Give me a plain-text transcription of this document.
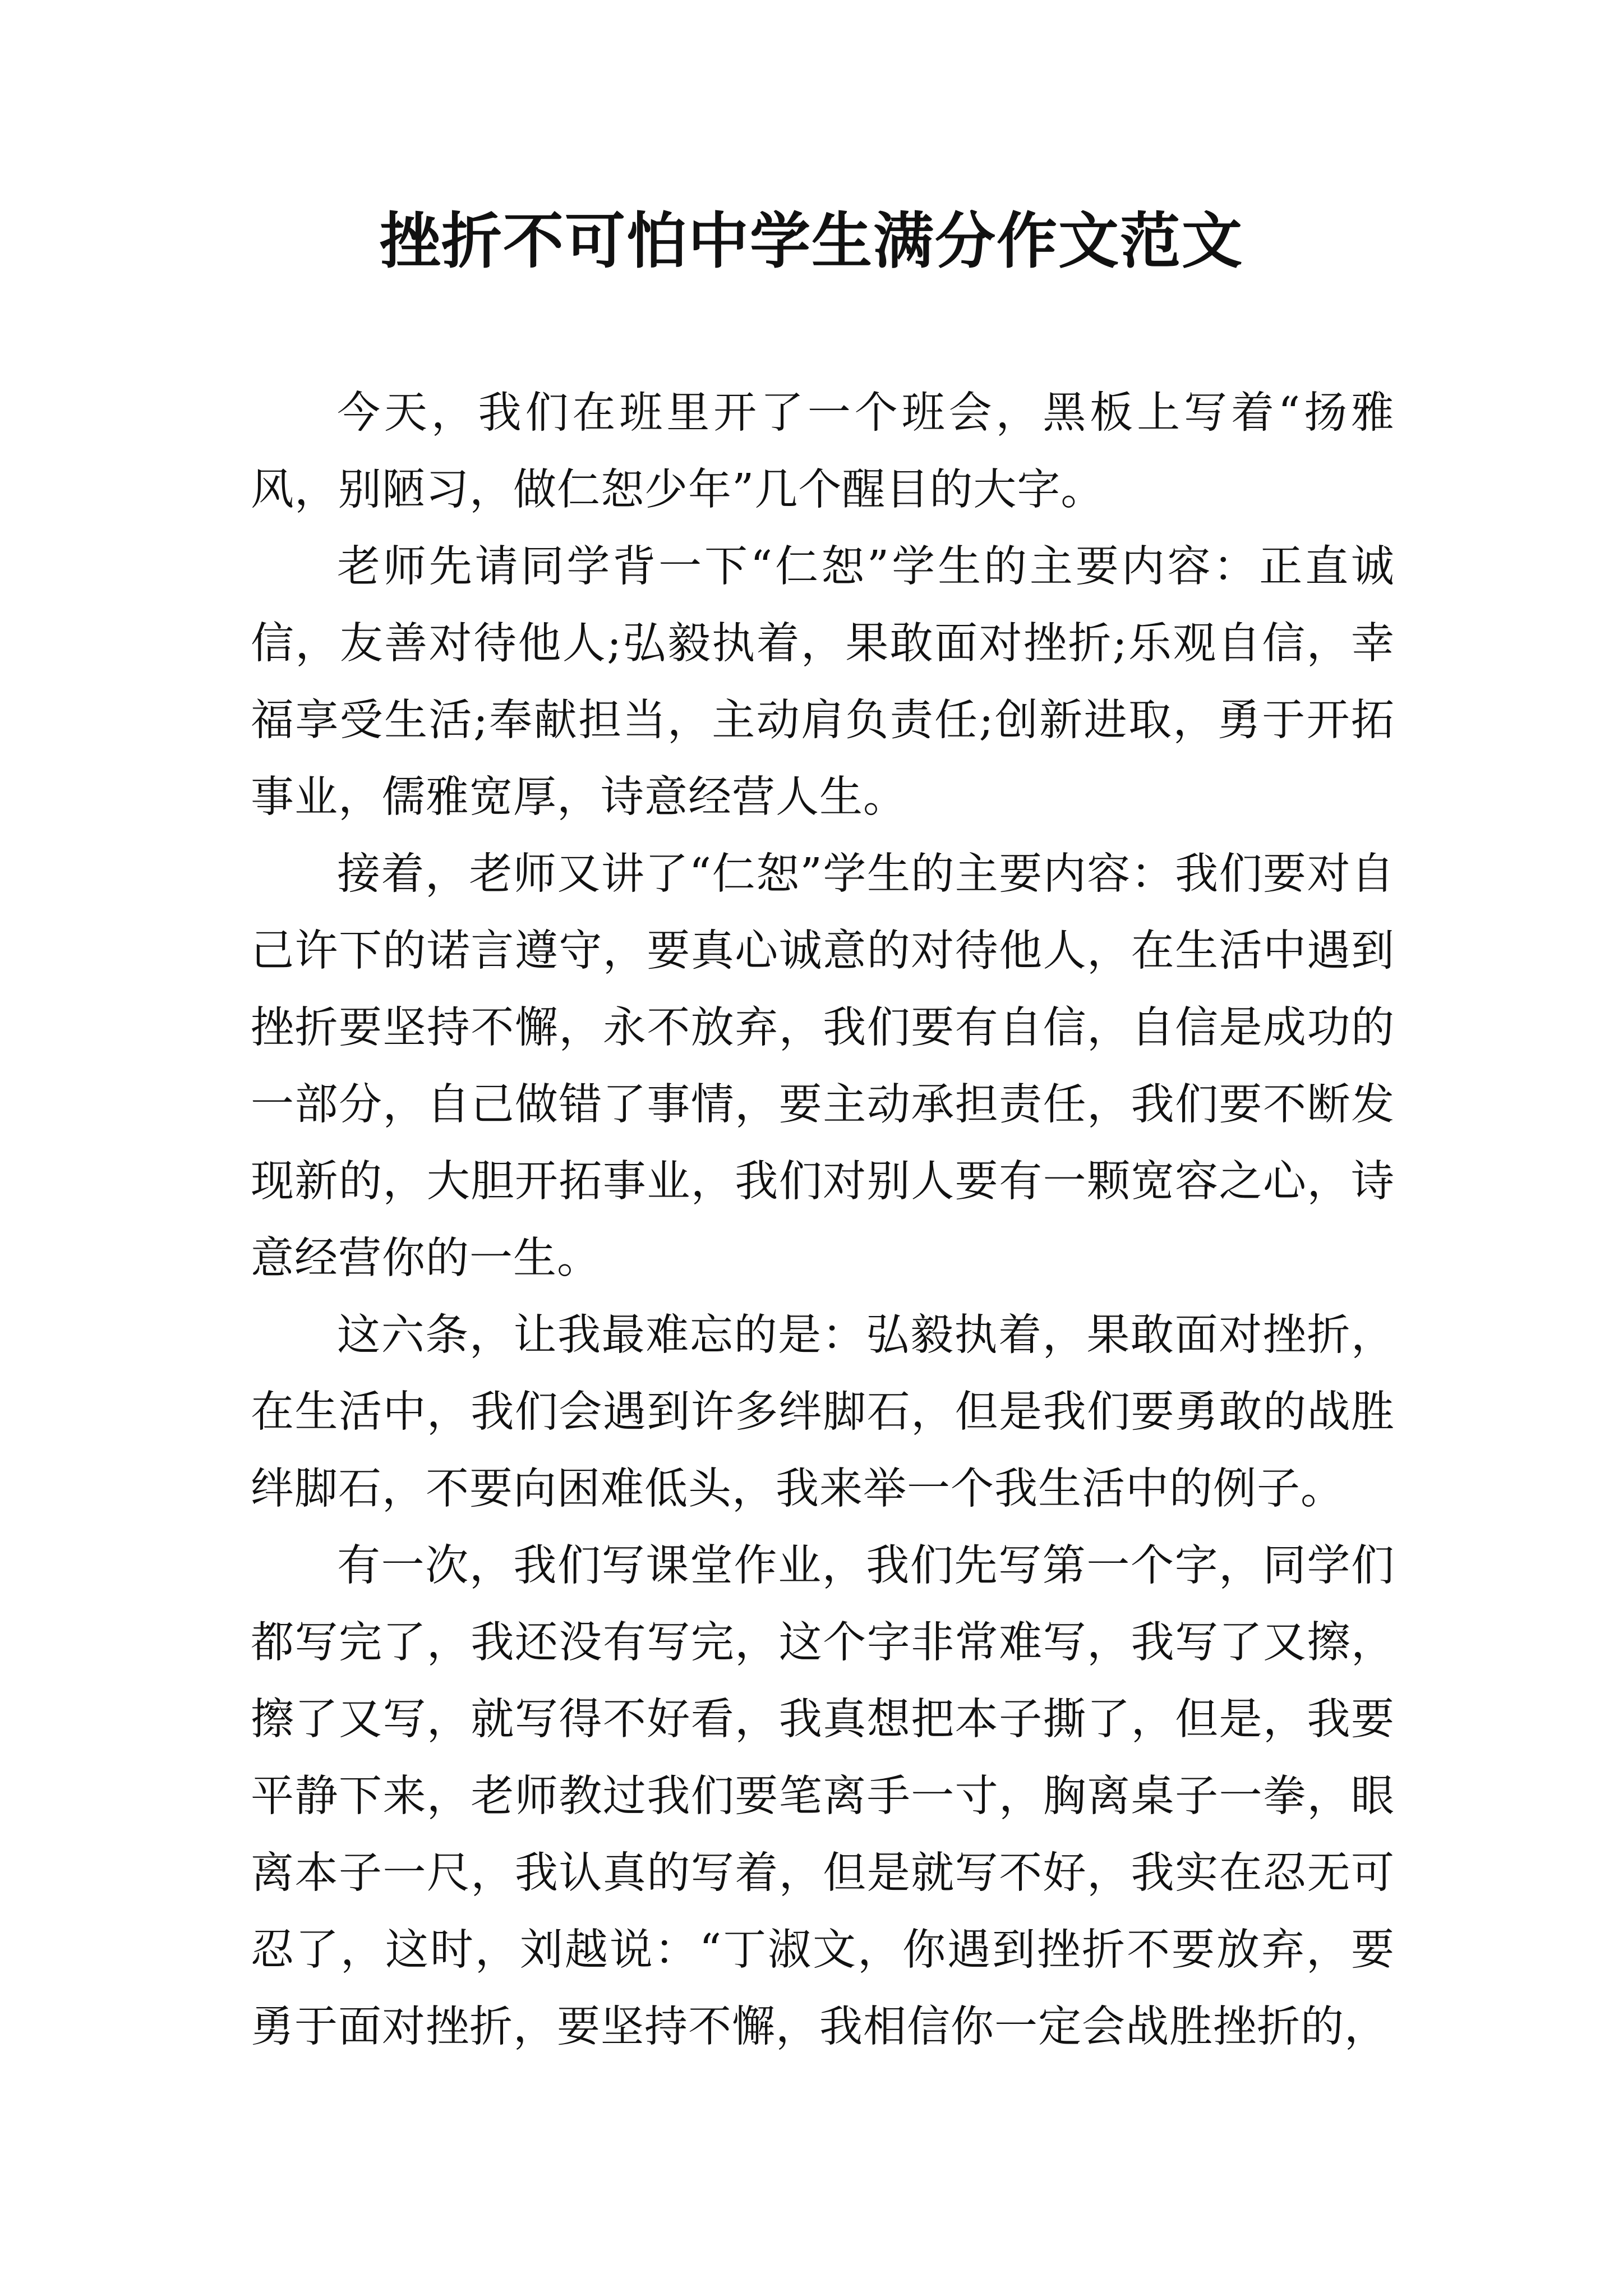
挫折不可怕中学生满分作文范文

今天，我们在班里开了一个班会，黑板上写着“扬雅风，别陋习，做仁恕少年”几个醒目的大字。

老师先请同学背一下“仁恕”学生的主要内容：正直诚信，友善对待他人;弘毅执着，果敢面对挫折;乐观自信，幸福享受生活;奉献担当，主动肩负责任;创新进取，勇于开拓事业，儒雅宽厚，诗意经营人生。

接着，老师又讲了“仁恕”学生的主要内容：我们要对自己许下的诺言遵守，要真心诚意的对待他人，在生活中遇到挫折要坚持不懈，永不放弃，我们要有自信，自信是成功的一部分，自己做错了事情，要主动承担责任，我们要不断发现新的，大胆开拓事业，我们对别人要有一颗宽容之心，诗意经营你的一生。

这六条，让我最难忘的是：弘毅执着，果敢面对挫折，在生活中，我们会遇到许多绊脚石，但是我们要勇敢的战胜绊脚石，不要向困难低头，我来举一个我生活中的例子。

有一次，我们写课堂作业，我们先写第一个字，同学们都写完了，我还没有写完，这个字非常难写，我写了又擦，擦了又写，就写得不好看，我真想把本子撕了，但是，我要平静下来，老师教过我们要笔离手一寸，胸离桌子一拳，眼离本子一尺，我认真的写着，但是就写不好，我实在忍无可忍了，这时，刘越说：“丁淑文，你遇到挫折不要放弃，要勇于面对挫折，要坚持不懈，我相信你一定会战胜挫折的，
